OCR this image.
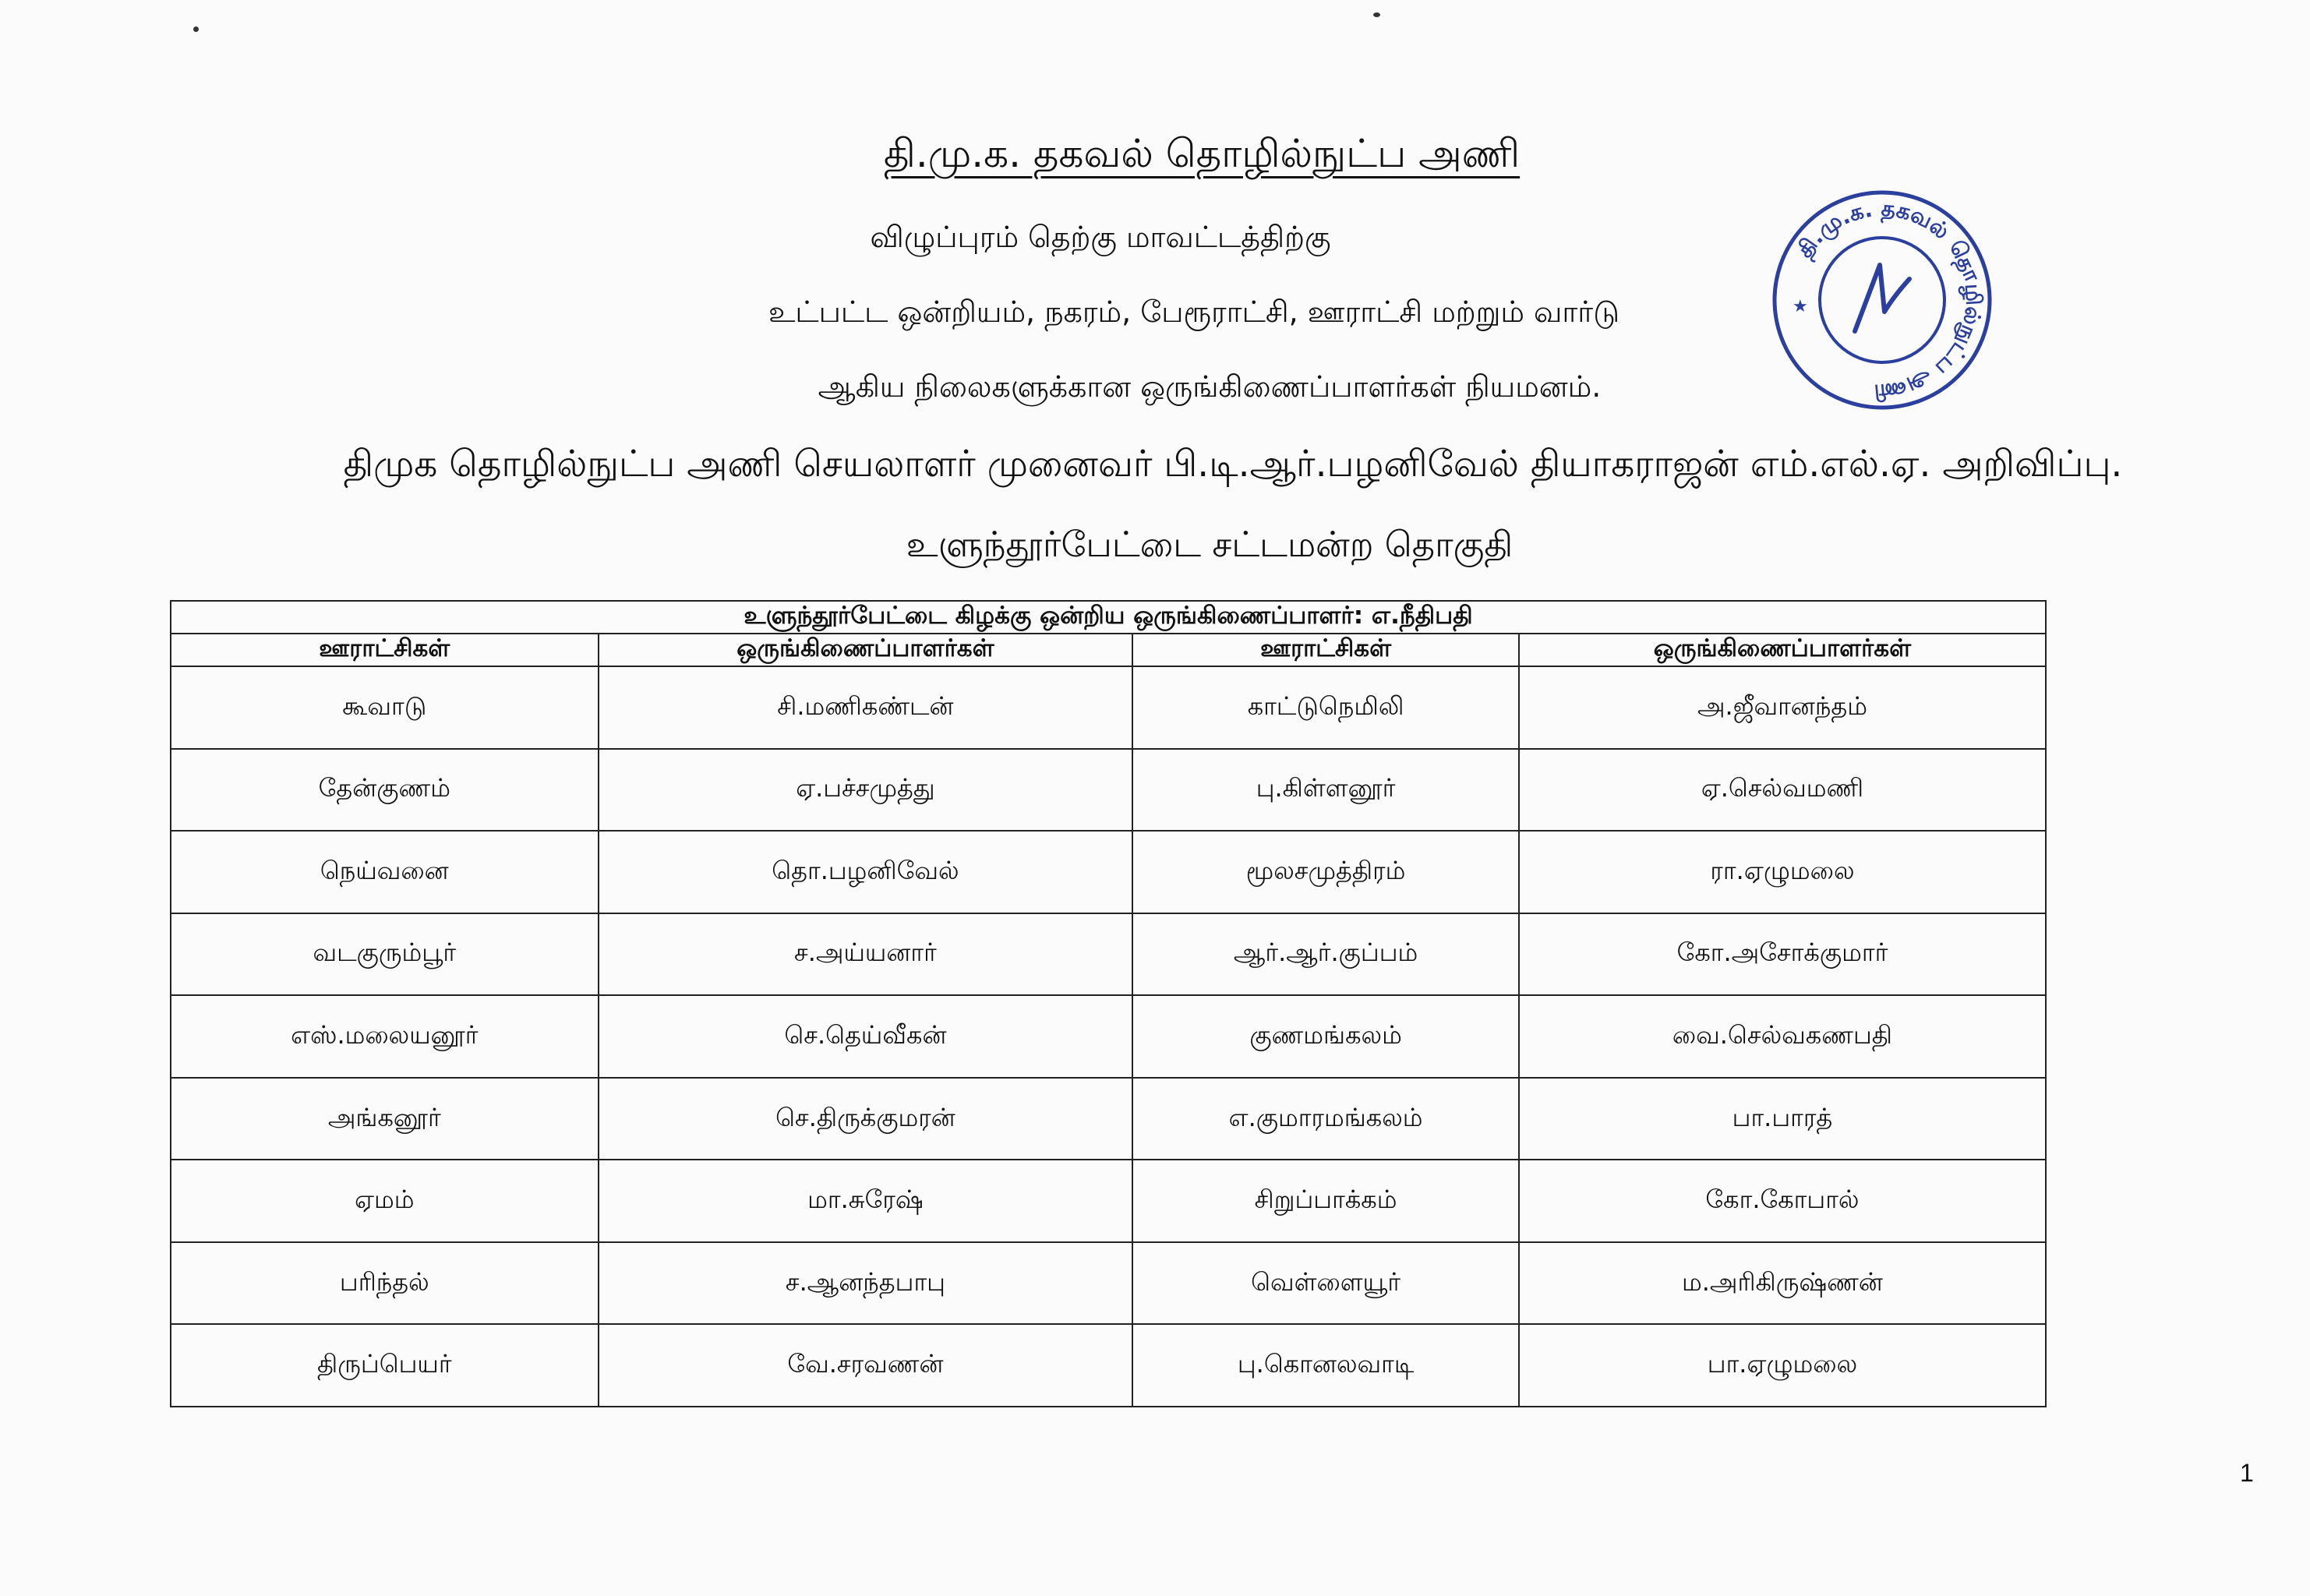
தி.மு.க. தகவல் தொழில்நுட்ப அணி
விழுப்புரம் தெற்கு மாவட்டத்திற்கு
உட்பட்ட ஒன்றியம், நகரம், பேரூராட்சி, ஊராட்சி மற்றும் வார்டு
ஆகிய நிலைகளுக்கான ஒருங்கிணைப்பாளர்கள் நியமனம்.
திமுக தொழில்நுட்ப அணி செயலாளர் முனைவர் பி.டி.ஆர்.பழனிவேல் தியாகராஜன் எம்.எல்.ஏ. அறிவிப்பு.
உளுந்தூர்பேட்டை சட்டமன்ற தொகுதி
தி.மு.க. தகவல் தொழில்நுட்ப அணி
★
உளுந்தூர்பேட்டை கிழக்கு ஒன்றிய ஒருங்கிணைப்பாளர்: எ.நீதிபதி			
ஊராட்சிகள்	ஒருங்கிணைப்பாளர்கள்	ஊராட்சிகள்	ஒருங்கிணைப்பாளர்கள்
கூவாடு	சி.மணிகண்டன்	காட்டுநெமிலி	அ.ஜீவானந்தம்
தேன்குணம்	ஏ.பச்சமுத்து	பு.கிள்ளனூர்	ஏ.செல்வமணி
நெய்வனை	தொ.பழனிவேல்	மூலசமுத்திரம்	ரா.ஏழுமலை
வடகுரும்பூர்	ச.அய்யனார்	ஆர்.ஆர்.குப்பம்	கோ.அசோக்குமார்
எஸ்.மலையனூர்	செ.தெய்வீகன்	குணமங்கலம்	வை.செல்வகணபதி
அங்கனூர்	செ.திருக்குமரன்	எ.குமாரமங்கலம்	பா.பாரத்
ஏமம்	மா.சுரேஷ்	சிறுப்பாக்கம்	கோ.கோபால்
பரிந்தல்	ச.ஆனந்தபாபு	வெள்ளையூர்	ம.அரிகிருஷ்ணன்
திருப்பெயர்	வே.சரவணன்	பு.கொனலவாடி	பா.ஏழுமலை
1
